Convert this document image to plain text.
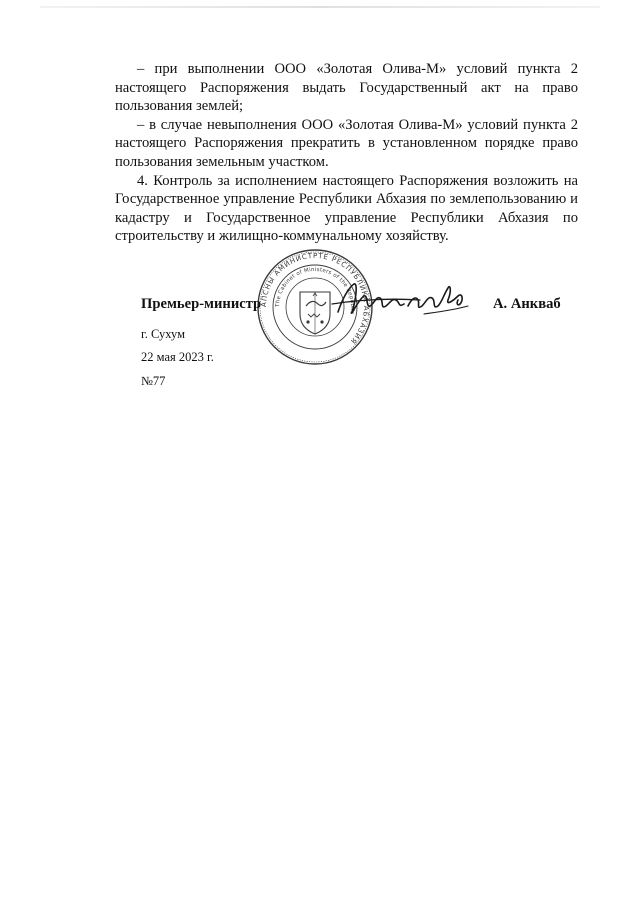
– при выполнении ООО «Золотая Олива-М» условий пункта 2 настоящего Распоряжения выдать Государственный акт на право пользования землей;

– в случае невыполнения ООО «Золотая Олива-М» условий пункта 2 настоящего Распоряжения прекратить в установленном порядке право пользования земельным участком.

4. Контроль за исполнением настоящего Распоряжения возложить на Государственное управление Республики Абхазия по землепользованию и кадастру и Государственное управление Республики Абхазия по строительству и жилищно-коммунальному хозяйству.

АПСНЫ АМИНИСТРТЕ РЕСПУБЛИКА АБХАЗИЯ
The Cabinet of Ministers of the Republic
Премьер-министр	А. Анкваб
г. Сухум
22 мая 2023 г.
№77
